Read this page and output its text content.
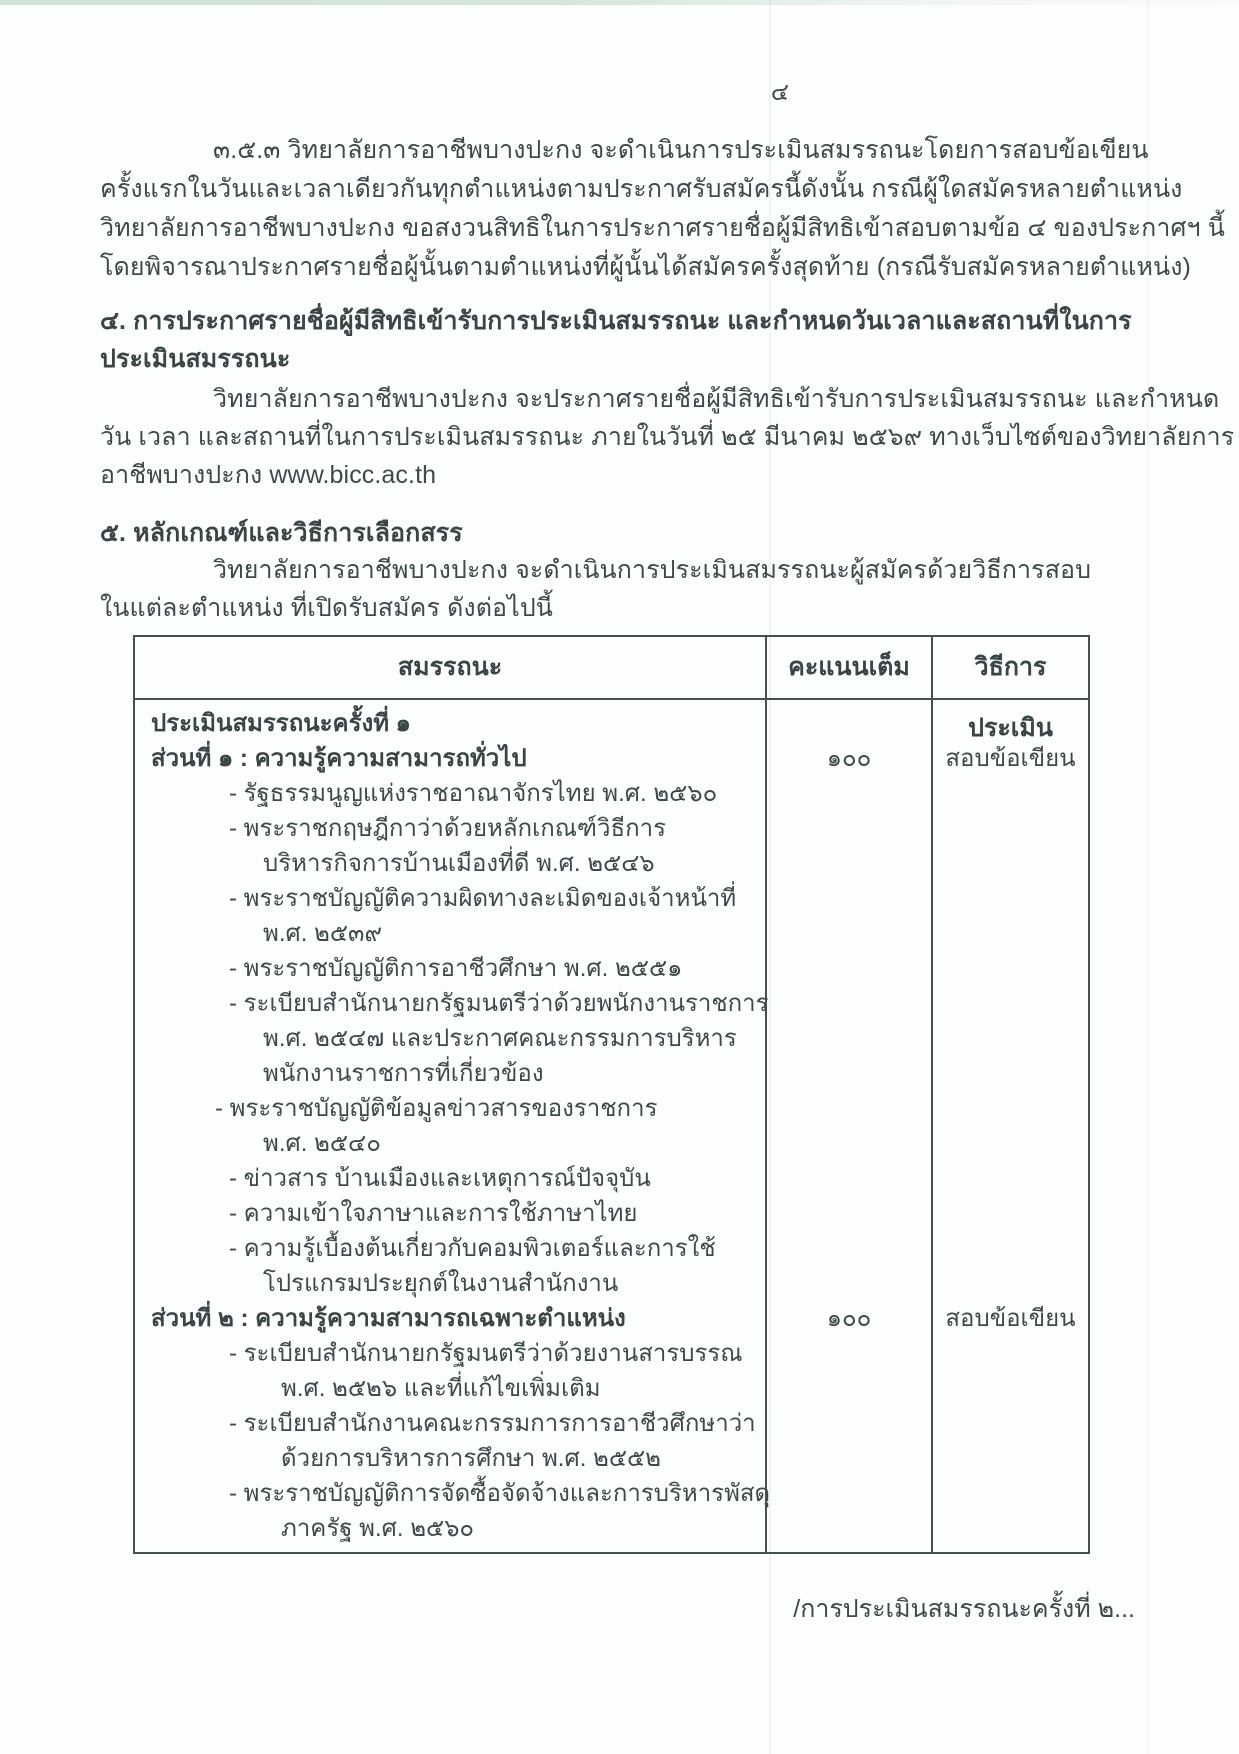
๔
๓.๕.๓ วิทยาลัยการอาชีพบางปะกง จะดำเนินการประเมินสมรรถนะโดยการสอบข้อเขียน
ครั้งแรกในวันและเวลาเดียวกันทุกตำแหน่งตามประกาศรับสมัครนี้ดังนั้น กรณีผู้ใดสมัครหลายตำแหน่ง
วิทยาลัยการอาชีพบางปะกง ขอสงวนสิทธิในการประกาศรายชื่อผู้มีสิทธิเข้าสอบตามข้อ ๔ ของประกาศฯ นี้
โดยพิจารณาประกาศรายชื่อผู้นั้นตามตำแหน่งที่ผู้นั้นได้สมัครครั้งสุดท้าย (กรณีรับสมัครหลายตำแหน่ง)
๔. การประกาศรายชื่อผู้มีสิทธิเข้ารับการประเมินสมรรถนะ และกำหนดวันเวลาและสถานที่ในการ
ประเมินสมรรถนะ
วิทยาลัยการอาชีพบางปะกง จะประกาศรายชื่อผู้มีสิทธิเข้ารับการประเมินสมรรถนะ และกำหนด
วัน เวลา และสถานที่ในการประเมินสมรรถนะ ภายในวันที่ ๒๕ มีนาคม ๒๕๖๙ ทางเว็บไซต์ของวิทยาลัยการ
อาชีพบางปะกง www.bicc.ac.th
๕. หลักเกณฑ์และวิธีการเลือกสรร
วิทยาลัยการอาชีพบางปะกง จะดำเนินการประเมินสมรรถนะผู้สมัครด้วยวิธีการสอบ
ในแต่ละตำแหน่ง ที่เปิดรับสมัคร ดังต่อไปนี้
สมรรถนะ	คะแนนเต็ม	วิธีการประเมิน
ประเมินสมรรถนะครั้งที่ ๑
ส่วนที่ ๑ : ความรู้ความสามารถทั่วไป
- รัฐธรรมนูญแห่งราชอาณาจักรไทย พ.ศ. ๒๕๖๐
- พระราชกฤษฎีกาว่าด้วยหลักเกณฑ์วิธีการ
บริหารกิจการบ้านเมืองที่ดี พ.ศ. ๒๕๔๖
- พระราชบัญญัติความผิดทางละเมิดของเจ้าหน้าที่
พ.ศ. ๒๕๓๙
- พระราชบัญญัติการอาชีวศึกษา พ.ศ. ๒๕๕๑
- ระเบียบสำนักนายกรัฐมนตรีว่าด้วยพนักงานราชการ
พ.ศ. ๒๕๔๗ และประกาศคณะกรรมการบริหาร
พนักงานราชการที่เกี่ยวข้อง
- พระราชบัญญัติข้อมูลข่าวสารของราชการ
พ.ศ. ๒๕๔๐
- ข่าวสาร บ้านเมืองและเหตุการณ์ปัจจุบัน
- ความเข้าใจภาษาและการใช้ภาษาไทย
- ความรู้เบื้องต้นเกี่ยวกับคอมพิวเตอร์และการใช้
โปรแกรมประยุกต์ในงานสำนักงาน
ส่วนที่ ๒ : ความรู้ความสามารถเฉพาะตำแหน่ง
- ระเบียบสำนักนายกรัฐมนตรีว่าด้วยงานสารบรรณ
พ.ศ. ๒๕๒๖ และที่แก้ไขเพิ่มเติม
- ระเบียบสำนักงานคณะกรรมการการอาชีวศึกษาว่า
ด้วยการบริหารการศึกษา พ.ศ. ๒๕๕๒
- พระราชบัญญัติการจัดซื้อจัดจ้างและการบริหารพัสดุ
ภาครัฐ พ.ศ. ๒๕๖๐
๑๐๐
๑๐๐
สอบข้อเขียน
สอบข้อเขียน
/การประเมินสมรรถนะครั้งที่ ๒...
